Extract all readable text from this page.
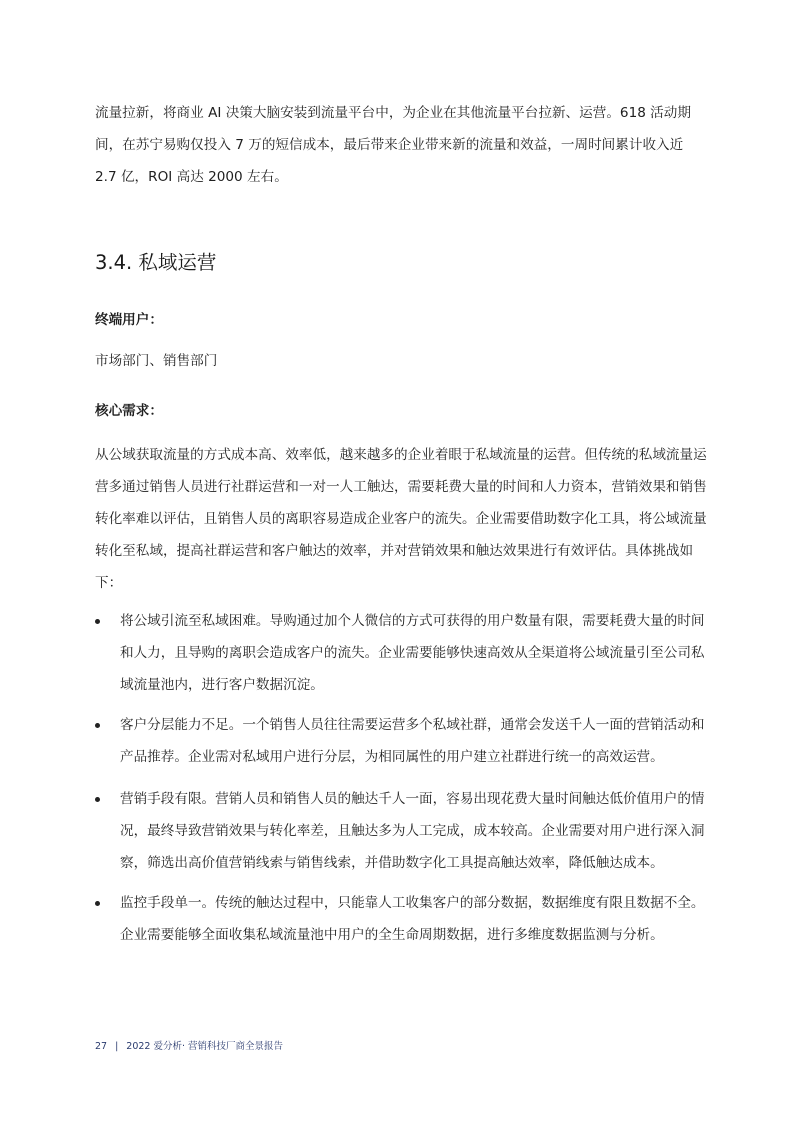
流量拉新，将商业 AI 决策大脑安装到流量平台中，为企业在其他流量平台拉新、运营。618 活动期间，在苏宁易购仅投入 7 万的短信成本，最后带来企业带来新的流量和效益，一周时间累计收入近 2.7 亿，ROI 高达 2000 左右。

3.4. 私域运营

终端用户：

市场部门、销售部门

核心需求：

从公域获取流量的方式成本高、效率低，越来越多的企业着眼于私域流量的运营。但传统的私域流量运营多通过销售人员进行社群运营和一对一人工触达，需要耗费大量的时间和人力资本，营销效果和销售转化率难以评估，且销售人员的离职容易造成企业客户的流失。企业需要借助数字化工具，将公域流量转化至私域，提高社群运营和客户触达的效率，并对营销效果和触达效果进行有效评估。具体挑战如下：

将公域引流至私域困难。导购通过加个人微信的方式可获得的用户数量有限，需要耗费大量的时间和人力，且导购的离职会造成客户的流失。企业需要能够快速高效从全渠道将公域流量引至公司私域流量池内，进行客户数据沉淀。

客户分层能力不足。一个销售人员往往需要运营多个私域社群，通常会发送千人一面的营销活动和产品推荐。企业需对私域用户进行分层，为相同属性的用户建立社群进行统一的高效运营。

营销手段有限。营销人员和销售人员的触达千人一面，容易出现花费大量时间触达低价值用户的情况，最终导致营销效果与转化率差，且触达多为人工完成，成本较高。企业需要对用户进行深入洞察，筛选出高价值营销线索与销售线索，并借助数字化工具提高触达效率，降低触达成本。

监控手段单一。传统的触达过程中，只能靠人工收集客户的部分数据，数据维度有限且数据不全。企业需要能够全面收集私域流量池中用户的全生命周期数据，进行多维度数据监测与分析。

27 | 2022 爱分析· 营销科技厂商全景报告
